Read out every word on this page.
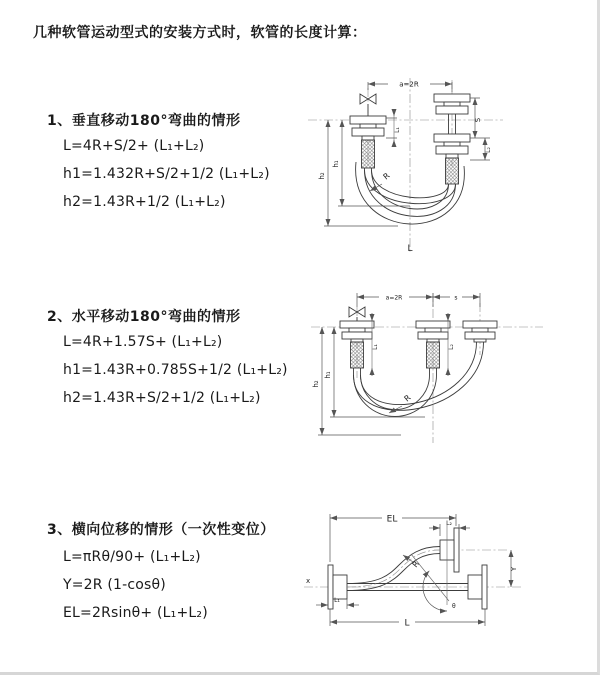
几种软管运动型式的安装方式时，软管的长度计算：
1、垂直移动180°弯曲的情形
L=4R+S/2+ (L₁+L₂)
h1=1.432R+S/2+1/2 (L₁+L₂)
h2=1.43R+1/2 (L₁+L₂)
2、水平移动180°弯曲的情形
L=4R+1.57S+ (L₁+L₂)
h1=1.43R+0.785S+1/2 (L₁+L₂)
h2=1.43R+S/2+1/2 (L₁+L₂)
3、横向位移的情形（一次性变位）
L=πRθ/90+ (L₁+L₂)
Y=2R (1-cosθ)
EL=2Rsinθ+ (L₁+L₂)
a=2R
L₁
S
L₂
h₁
h₂	R
L
a=2R	s
L₁	L₂
h₁
h₂
R
x
EL	L₂
Y
L
L₁
θ
R
